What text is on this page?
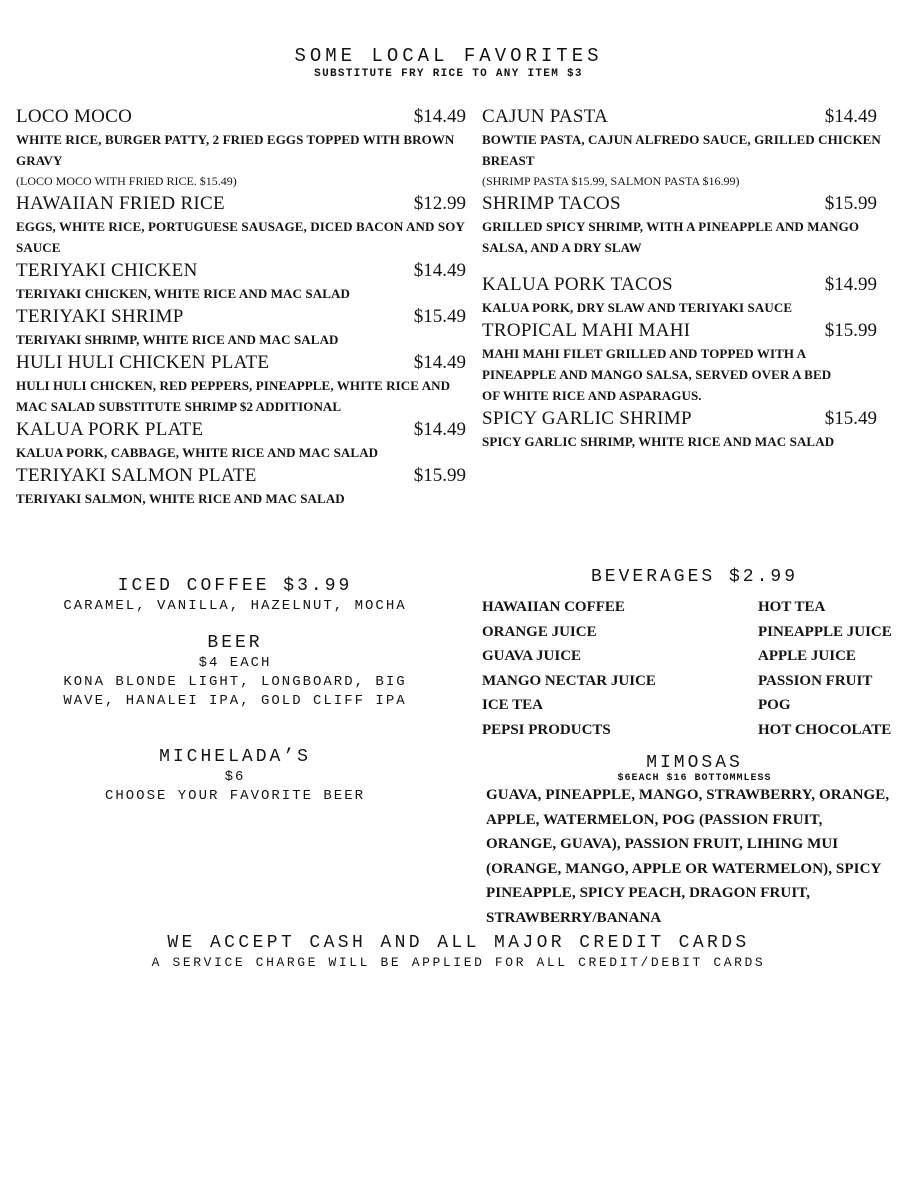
SOME LOCAL FAVORITES
SUBSTITUTE FRY RICE TO ANY ITEM $3
LOCO MOCO	$14.49
WHITE RICE, BURGER PATTY, 2 FRIED EGGS TOPPED WITH BROWN GRAVY
(LOCO MOCO WITH FRIED RICE. $15.49)
HAWAIIAN FRIED RICE	$12.99
EGGS, WHITE RICE, PORTUGUESE SAUSAGE, DICED BACON AND SOY SAUCE
TERIYAKI CHICKEN	$14.49
TERIYAKI CHICKEN, WHITE RICE AND MAC SALAD
TERIYAKI SHRIMP	$15.49
TERIYAKI SHRIMP, WHITE RICE AND MAC SALAD
HULI HULI CHICKEN PLATE	$14.49
HULI HULI CHICKEN, RED PEPPERS, PINEAPPLE, WHITE RICE AND MAC SALAD SUBSTITUTE SHRIMP $2 ADDITIONAL
KALUA PORK PLATE	$14.49
KALUA PORK, CABBAGE, WHITE RICE AND MAC SALAD
TERIYAKI SALMON PLATE	$15.99
TERIYAKI SALMON, WHITE RICE AND MAC SALAD
CAJUN PASTA	$14.49
BOWTIE PASTA, CAJUN ALFREDO SAUCE, GRILLED CHICKEN BREAST
(SHRIMP PASTA $15.99, SALMON PASTA $16.99)
SHRIMP TACOS	$15.99
GRILLED SPICY SHRIMP, WITH A PINEAPPLE AND MANGO SALSA, AND A DRY SLAW
KALUA PORK TACOS	$14.99
KALUA PORK, DRY SLAW AND TERIYAKI SAUCE
TROPICAL MAHI MAHI	$15.99
MAHI MAHI FILET GRILLED AND TOPPED WITH A PINEAPPLE AND MANGO SALSA, SERVED OVER A BED OF WHITE RICE AND ASPARAGUS.
SPICY GARLIC SHRIMP	$15.49
SPICY GARLIC SHRIMP, WHITE RICE AND MAC SALAD
ICED COFFEE $3.99
CARAMEL, VANILLA, HAZELNUT, MOCHA
BEER
$4 EACH
KONA BLONDE LIGHT, LONGBOARD, BIG WAVE, HANALEI IPA, GOLD CLIFF IPA
MICHELADA’S
$6
CHOOSE YOUR FAVORITE BEER
BEVERAGES $2.99
HAWAIIAN COFFEE	HOT TEA
ORANGE JUICE	PINEAPPLE JUICE
GUAVA JUICE	APPLE JUICE
MANGO NECTAR JUICE	PASSION FRUIT
ICE TEA	POG
PEPSI PRODUCTS	HOT CHOCOLATE
MIMOSAS
$6EACH $16 BOTTOMMLESS
GUAVA, PINEAPPLE, MANGO, STRAWBERRY, ORANGE, APPLE, WATERMELON, POG (PASSION FRUIT, ORANGE, GUAVA), PASSION FRUIT, LIHING MUI (ORANGE, MANGO, APPLE OR WATERMELON), SPICY PINEAPPLE, SPICY PEACH, DRAGON FRUIT, STRAWBERRY/BANANA
WE ACCEPT CASH AND ALL MAJOR CREDIT CARDS
A SERVICE CHARGE WILL BE APPLIED FOR ALL CREDIT/DEBIT CARDS
